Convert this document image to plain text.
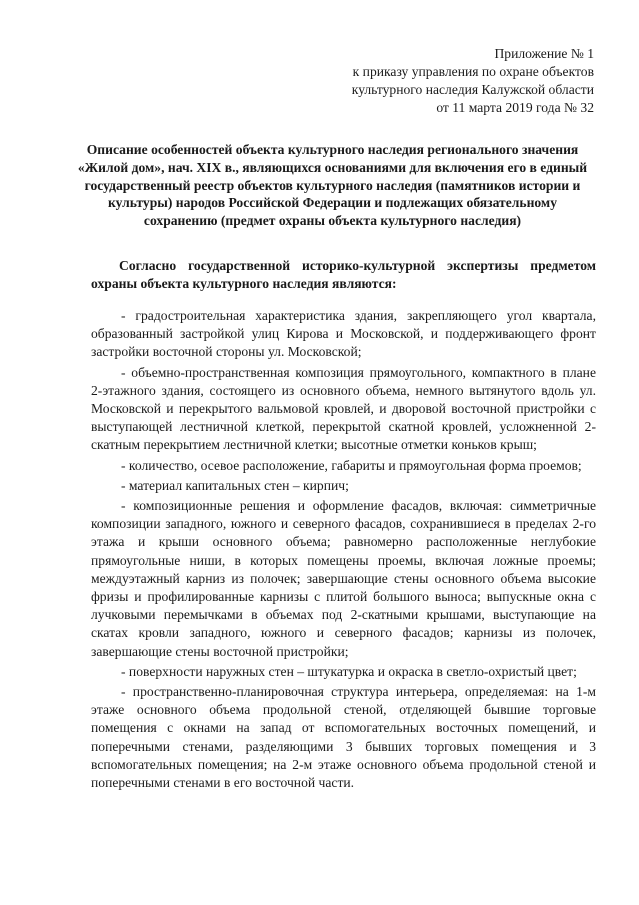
Приложение № 1
к приказу управления по охране объектов
культурного наследия Калужской области
от 11 марта 2019 года № 32
Описание особенностей объекта культурного наследия регионального значения «Жилой дом», нач. XIX в., являющихся основаниями для включения его в единый государственный реестр объектов культурного наследия (памятников истории и культуры) народов Российской Федерации и подлежащих обязательному сохранению (предмет охраны объекта культурного наследия)
Согласно государственной историко-культурной экспертизы предметом охраны объекта культурного наследия являются:

- градостроительная характеристика здания, закрепляющего угол квартала, образованный застройкой улиц Кирова и Московской, и поддерживающего фронт застройки восточной стороны ул. Московской;

- объемно-пространственная композиция прямоугольного, компактного в плане 2-этажного здания, состоящего из основного объема, немного вытянутого вдоль ул. Московской и перекрытого вальмовой кровлей, и дворовой восточной пристройки с выступающей лестничной клеткой, перекрытой скатной кровлей, усложненной 2-скатным перекрытием лестничной клетки; высотные отметки коньков крыш;

- количество, осевое расположение, габариты и прямоугольная форма проемов;

- материал капитальных стен – кирпич;

- композиционные решения и оформление фасадов, включая: симметричные композиции западного, южного и северного фасадов, сохранившиеся в пределах 2-го этажа и крыши основного объема; равномерно расположенные неглубокие прямоугольные ниши, в которых помещены проемы, включая ложные проемы; междуэтажный карниз из полочек; завершающие стены основного объема высокие фризы и профилированные карнизы с плитой большого выноса; выпускные окна с лучковыми перемычками в объемах под 2-скатными крышами, выступающие на скатах кровли западного, южного и северного фасадов; карнизы из полочек, завершающие стены восточной пристройки;

- поверхности наружных стен – штукатурка и окраска в светло-охристый цвет;

- пространственно-планировочная структура интерьера, определяемая: на 1-м этаже основного объема продольной стеной, отделяющей бывшие торговые помещения с окнами на запад от вспомогательных восточных помещений, и поперечными стенами, разделяющими 3 бывших торговых помещения и 3 вспомогательных помещения; на 2-м этаже основного объема продольной стеной и поперечными стенами в его восточной части.
